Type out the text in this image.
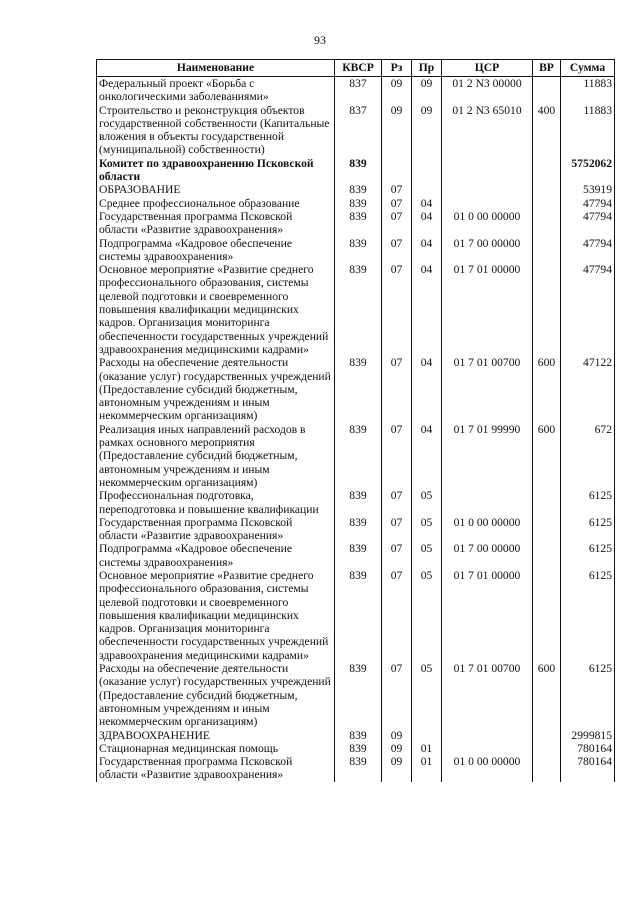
93
Наименование	КВСР	Рз	Пр	ЦСР	ВР	Сумма
Федеральный проект «Борьба с онкологическими заболеваниями»	837	09	09	01 2 N3 00000		11883
Строительство и реконструкция объектов государственной собственности (Капитальные вложения в объекты государственной (муниципальной) собственности)	837	09	09	01 2 N3 65010	400	11883
Комитет по здравоохранению Псковской области	839					5752062
ОБРАЗОВАНИЕ	839	07				53919
Среднее профессиональное образование	839	07	04			47794
Государственная программа Псковской области «Развитие здравоохранения»	839	07	04	01 0 00 00000		47794
Подпрограмма «Кадровое обеспечение системы здравоохранения»	839	07	04	01 7 00 00000		47794
Основное мероприятие «Развитие среднего профессионального образования, системы целевой подготовки и своевременного повышения квалификации медицинских кадров. Организация мониторинга обеспеченности государственных учреждений здравоохранения медицинскими кадрами»	839	07	04	01 7 01 00000		47794
Расходы на обеспечение деятельности (оказание услуг) государственных учреждений (Предоставление субсидий бюджетным, автономным учреждениям и иным некоммерческим организациям)	839	07	04	01 7 01 00700	600	47122
Реализация иных направлений расходов в рамках основного мероприятия (Предоставление субсидий бюджетным, автономным учреждениям и иным некоммерческим организациям)	839	07	04	01 7 01 99990	600	672
Профессиональная подготовка, переподготовка и повышение квалификации	839	07	05			6125
Государственная программа Псковской области «Развитие здравоохранения»	839	07	05	01 0 00 00000		6125
Подпрограмма «Кадровое обеспечение системы здравоохранения»	839	07	05	01 7 00 00000		6125
Основное мероприятие «Развитие среднего профессионального образования, системы целевой подготовки и своевременного повышения квалификации медицинских кадров. Организация мониторинга обеспеченности государственных учреждений здравоохранения медицинскими кадрами»	839	07	05	01 7 01 00000		6125
Расходы на обеспечение деятельности (оказание услуг) государственных учреждений (Предоставление субсидий бюджетным, автономным учреждениям и иным некоммерческим организациям)	839	07	05	01 7 01 00700	600	6125
ЗДРАВООХРАНЕНИЕ	839	09				2999815
Стационарная медицинская помощь	839	09	01			780164
Государственная программа Псковской области «Развитие здравоохранения»	839	09	01	01 0 00 00000		780164
